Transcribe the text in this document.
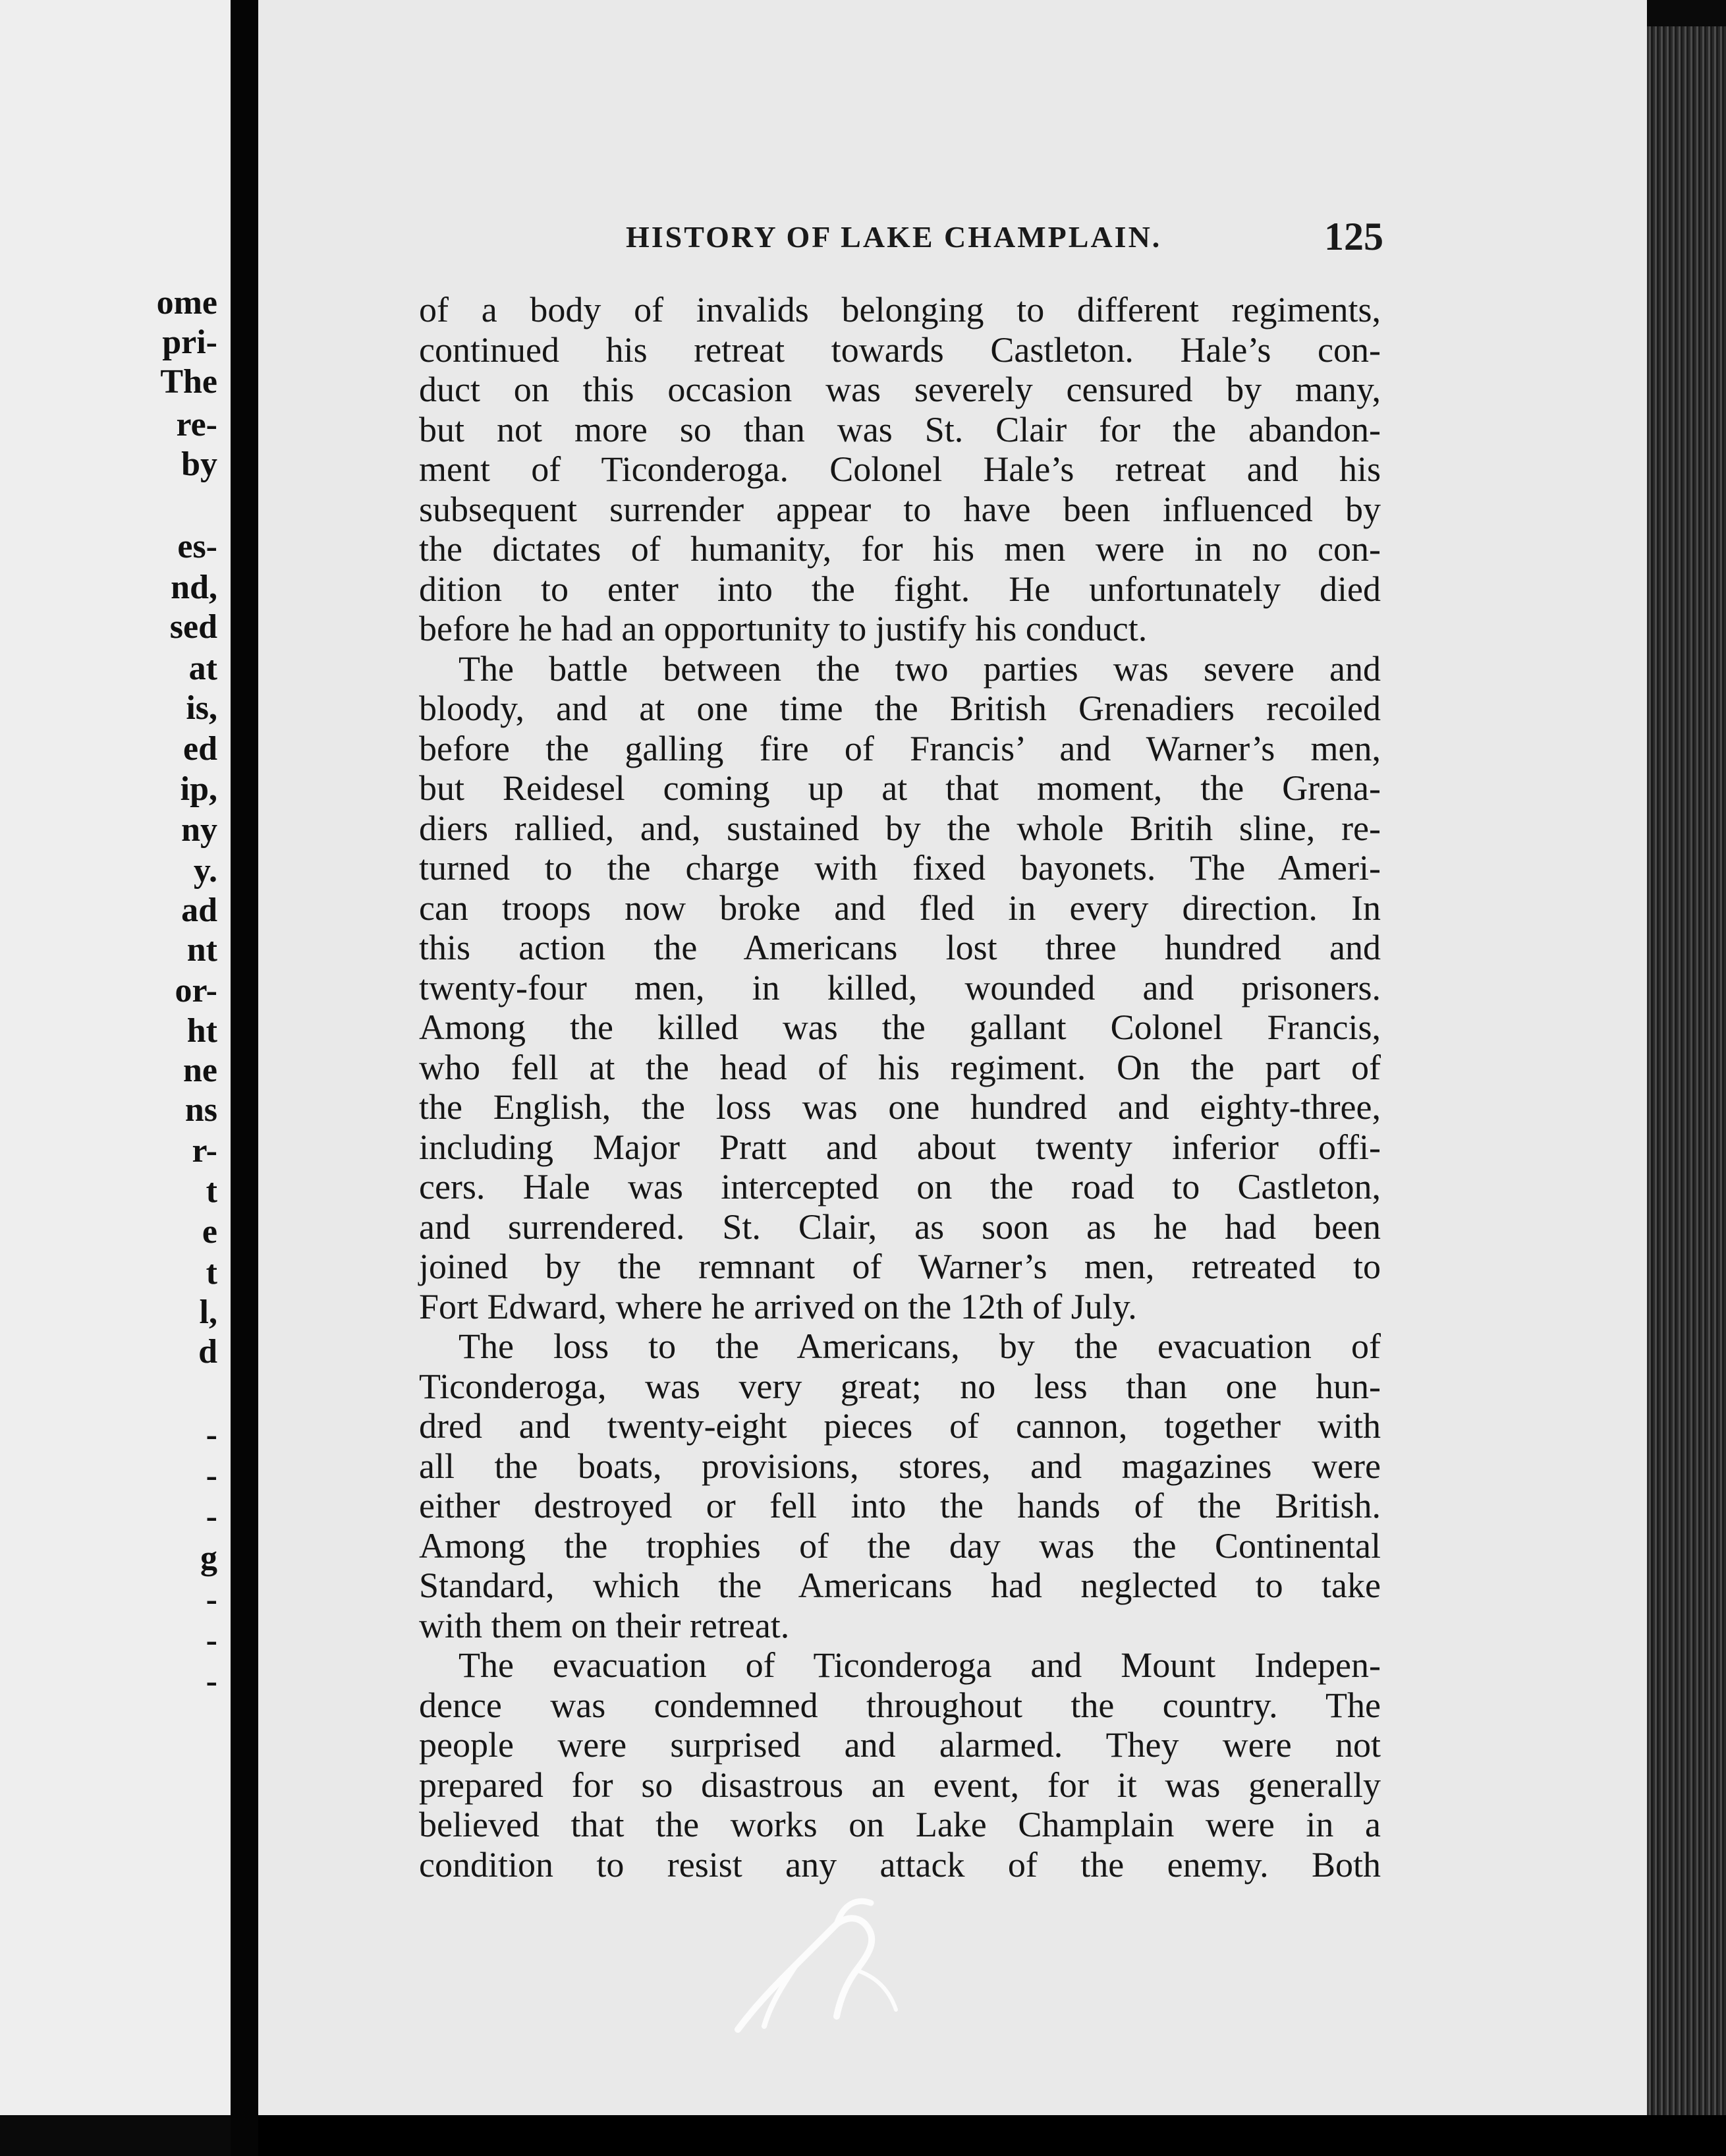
ome
pri-
The
re-
by
es-
nd,
sed
at
is,
ed
ip,
ny
y.
ad
nt
or-
ht
ne
ns
r-
t
e
t
l,
d
-
-
-
g
-
-
-
HISTORY OF LAKE CHAMPLAIN.	125
of a body of invalids belonging to different regiments,
continued his retreat towards Castleton. Hale’s con-
duct on this occasion was severely censured by many,
but not more so than was St. Clair for the abandon-
ment of Ticonderoga. Colonel Hale’s retreat and his
subsequent surrender appear to have been influenced by
the dictates of humanity, for his men were in no con-
dition to enter into the fight. He unfortunately died
before he had an opportunity to justify his conduct.
The battle between the two parties was severe and
bloody, and at one time the British Grenadiers recoiled
before the galling fire of Francis’ and Warner’s men,
but Reidesel coming up at that moment, the Grena-
diers rallied, and, sustained by the whole Britih sline, re-
turned to the charge with fixed bayonets. The Ameri-
can troops now broke and fled in every direction. In
this action the Americans lost three hundred and
twenty-four men, in killed, wounded and prisoners.
Among the killed was the gallant Colonel Francis,
who fell at the head of his regiment. On the part of
the English, the loss was one hundred and eighty-three,
including Major Pratt and about twenty inferior offi-
cers. Hale was intercepted on the road to Castleton,
and surrendered. St. Clair, as soon as he had been
joined by the remnant of Warner’s men, retreated to
Fort Edward, where he arrived on the 12th of July.
The loss to the Americans, by the evacuation of
Ticonderoga, was very great; no less than one hun-
dred and twenty-eight pieces of cannon, together with
all the boats, provisions, stores, and magazines were
either destroyed or fell into the hands of the British.
Among the trophies of the day was the Continental
Standard, which the Americans had neglected to take
with them on their retreat.
The evacuation of Ticonderoga and Mount Indepen-
dence was condemned throughout the country. The
people were surprised and alarmed. They were not
prepared for so disastrous an event, for it was generally
believed that the works on Lake Champlain were in a
condition to resist any attack of the enemy. Both
